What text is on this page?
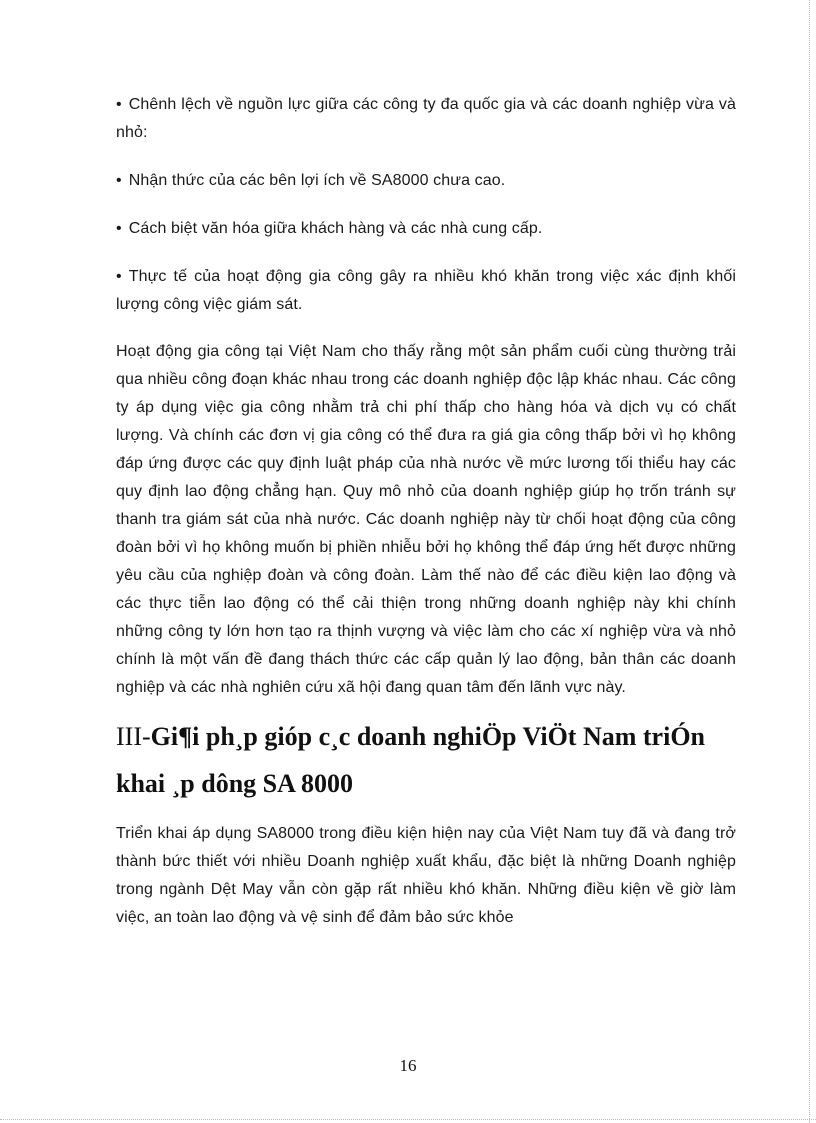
• Chênh lệch về nguồn lực giữa các công ty đa quốc gia và các doanh nghiệp vừa và nhỏ:

• Nhận thức của các bên lợi ích về SA8000 chưa cao.

• Cách biệt văn hóa giữa khách hàng và các nhà cung cấp.

• Thực tế của hoạt động gia công gây ra nhiều khó khăn trong việc xác định khối lượng công việc giám sát.

Hoạt động gia công tại Việt Nam cho thấy rằng một sản phẩm cuối cùng thường trải qua nhiều công đoạn khác nhau trong các doanh nghiệp độc lập khác nhau. Các công ty áp dụng việc gia công nhằm trả chi phí thấp cho hàng hóa và dịch vụ có chất lượng. Và chính các đơn vị gia công có thể đưa ra giá gia công thấp bởi vì họ không đáp ứng được các quy định luật pháp của nhà nước về mức lương tối thiểu hay các quy định lao động chẳng hạn. Quy mô nhỏ của doanh nghiệp giúp họ trốn tránh sự thanh tra giám sát của nhà nước. Các doanh nghiệp này từ chối hoạt động của công đoàn bởi vì họ không muốn bị phiền nhiễu bởi họ không thể đáp ứng hết được những yêu cầu của nghiệp đoàn và công đoàn. Làm thế nào để các điều kiện lao động và các thực tiễn lao động có thể cải thiện trong những doanh nghiệp này khi chính những công ty lớn hơn tạo ra thịnh vượng và việc làm cho các xí nghiệp vừa và nhỏ chính là một vấn đề đang thách thức các cấp quản lý lao động, bản thân các doanh nghiệp và các nhà nghiên cứu xã hội đang quan tâm đến lãnh vực này.

III-Gi¶i ph¸p gióp c¸c doanh nghiÖp ViÖt Nam triÓn khai ¸p dông SA 8000

Triển khai áp dụng SA8000 trong điều kiện hiện nay của Việt Nam tuy đã và đang trở thành bức thiết với nhiều Doanh nghiệp xuất khẩu, đặc biệt là những Doanh nghiệp trong ngành Dệt May vẫn còn gặp rất nhiều khó khăn. Những điều kiện về giờ làm việc, an toàn lao động và vệ sinh để đảm bảo sức khỏe

16
